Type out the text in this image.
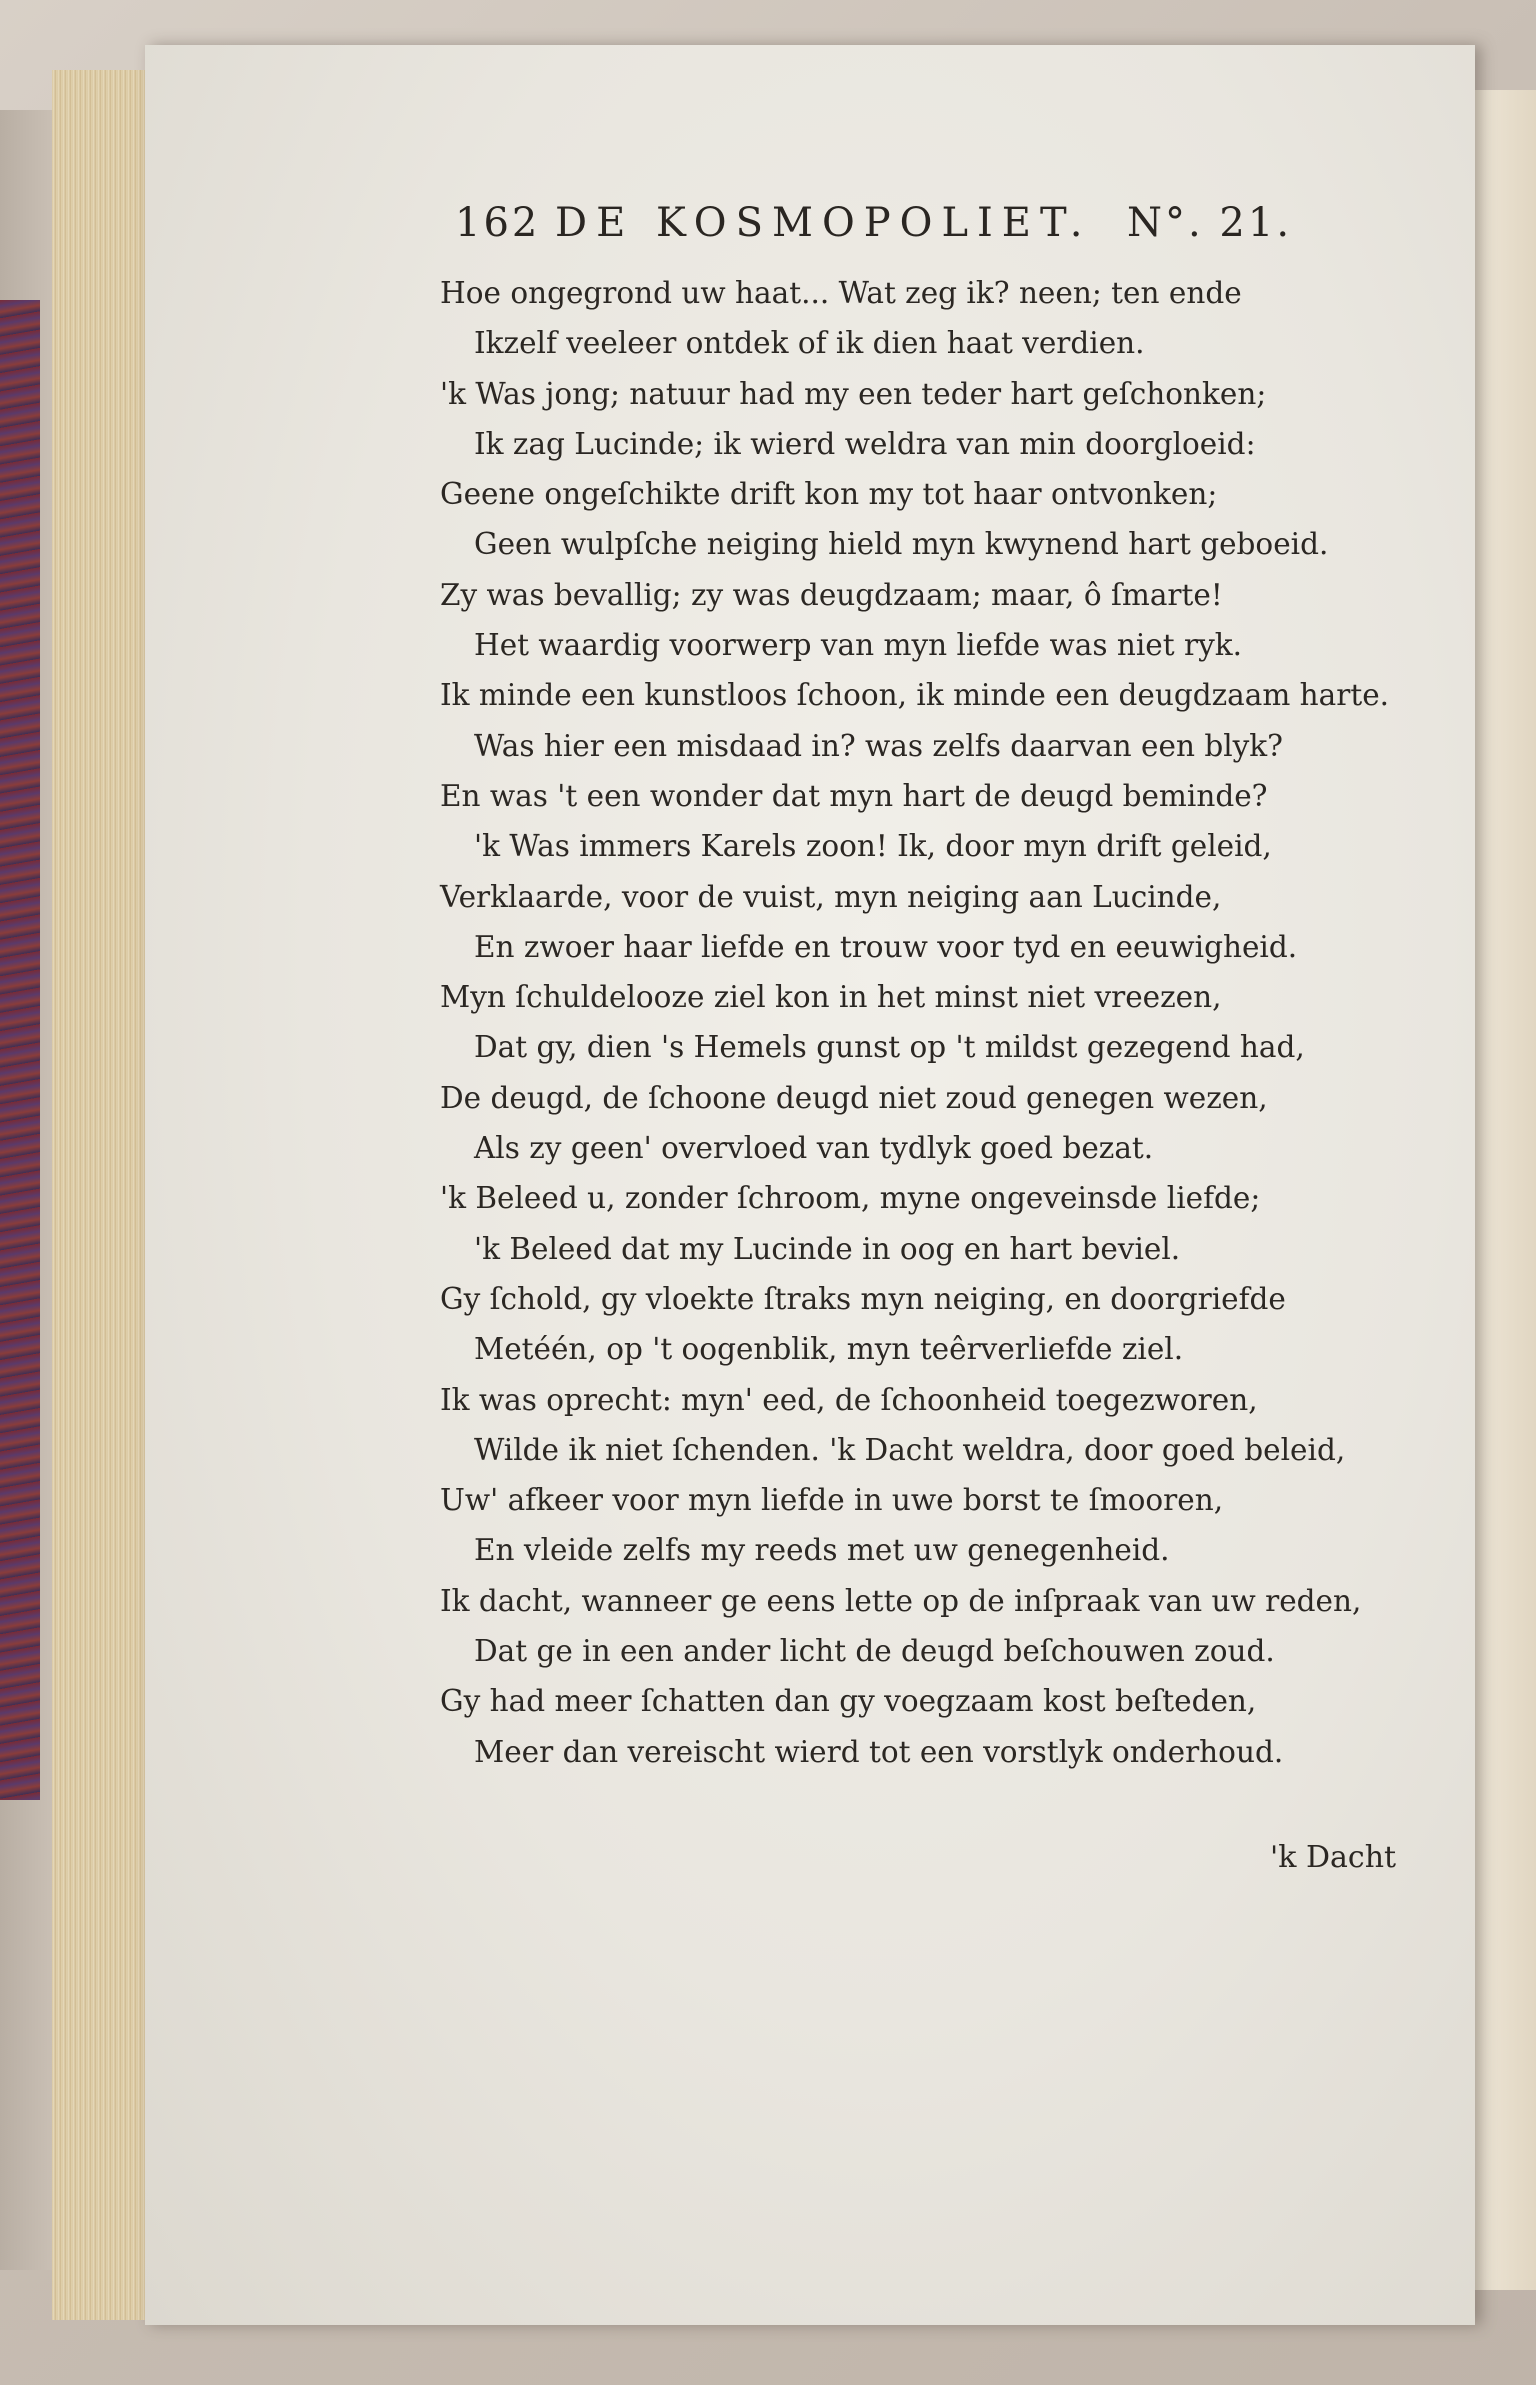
162 DE KOSMOPOLIET. N°. 21.
Hoe ongegrond uw haat... Wat zeg ik? neen; ten ende
Ikzelf veeleer ontdek of ik dien haat verdien.
'k Was jong; natuur had my een teder hart geſchonken;
Ik zag Lucinde; ik wierd weldra van min doorgloeid:
Geene ongeſchikte drift kon my tot haar ontvonken;
Geen wulpſche neiging hield myn kwynend hart geboeid.
Zy was bevallig; zy was deugdzaam; maar, ô ſmarte!
Het waardig voorwerp van myn liefde was niet ryk.
Ik minde een kunstloos ſchoon, ik minde een deugdzaam harte.
Was hier een misdaad in? was zelfs daarvan een blyk?
En was 't een wonder dat myn hart de deugd beminde?
'k Was immers Karels zoon! Ik, door myn drift geleid,
Verklaarde, voor de vuist, myn neiging aan Lucinde,
En zwoer haar liefde en trouw voor tyd en eeuwigheid.
Myn ſchuldelooze ziel kon in het minst niet vreezen,
Dat gy, dien 's Hemels gunst op 't mildst gezegend had,
De deugd, de ſchoone deugd niet zoud genegen wezen,
Als zy geen' overvloed van tydlyk goed bezat.
'k Beleed u, zonder ſchroom, myne ongeveinsde liefde;
'k Beleed dat my Lucinde in oog en hart beviel.
Gy ſchold, gy vloekte ſtraks myn neiging, en doorgriefde
Metéén, op 't oogenblik, myn teêrverliefde ziel.
Ik was oprecht: myn' eed, de ſchoonheid toegezworen,
Wilde ik niet ſchenden. 'k Dacht weldra, door goed beleid,
Uw' afkeer voor myn liefde in uwe borst te ſmooren,
En vleide zelfs my reeds met uw genegenheid.
Ik dacht, wanneer ge eens lette op de inſpraak van uw reden,
Dat ge in een ander licht de deugd beſchouwen zoud.
Gy had meer ſchatten dan gy voegzaam kost beſteden,
Meer dan vereischt wierd tot een vorstlyk onderhoud.
'k Dacht
